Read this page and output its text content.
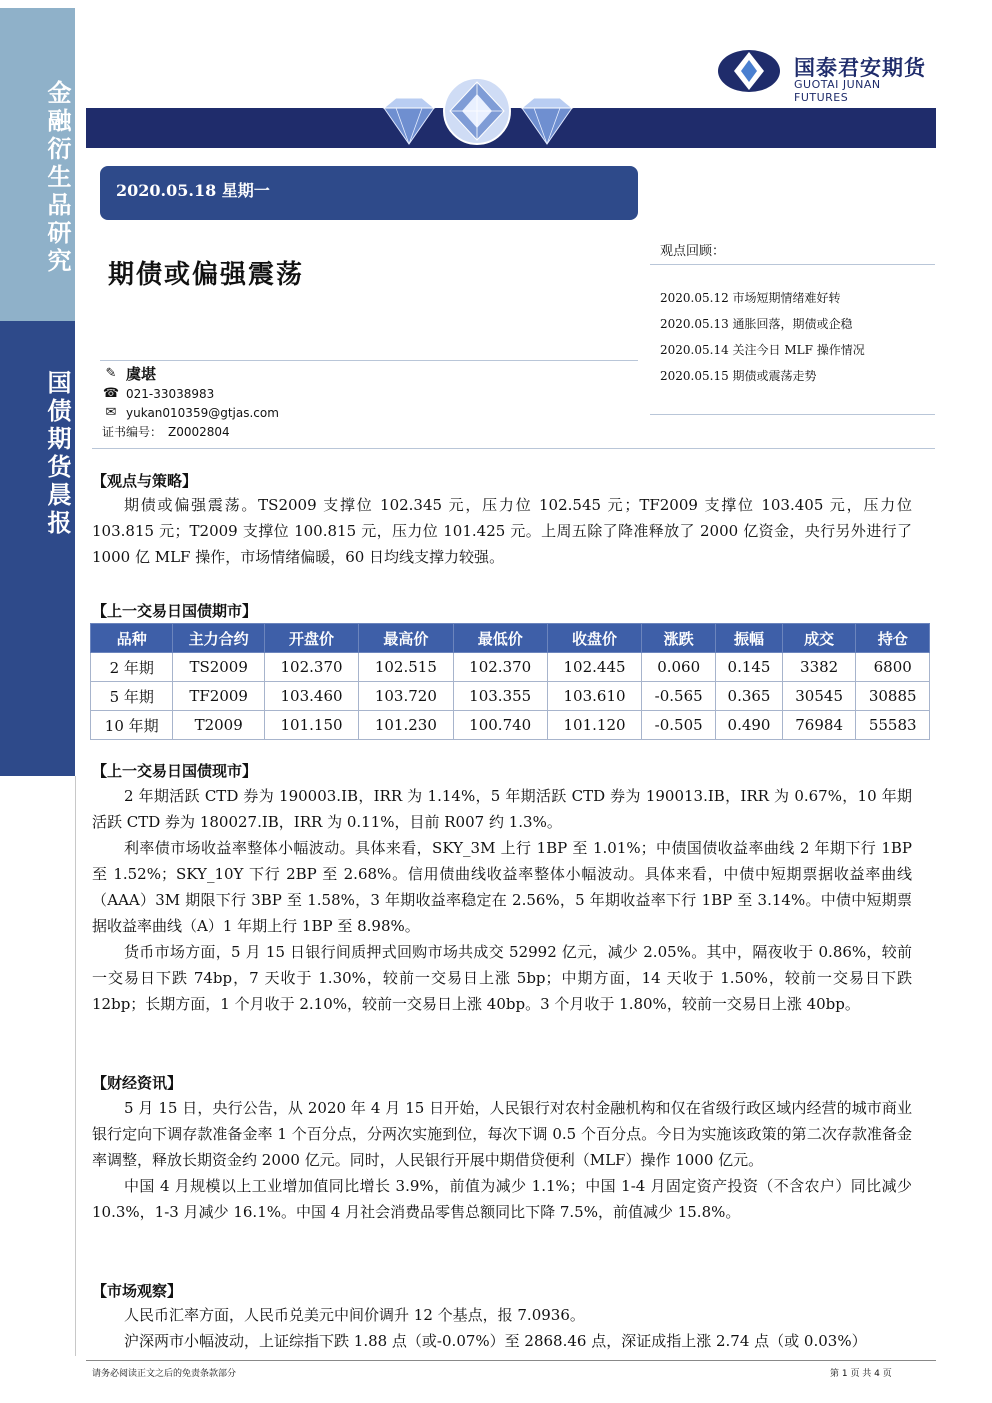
金融衍生品研究
国债期货晨报
国泰君安期货
GUOTAI JUNAN FUTURES
2020.05.18 星期一
期债或偏强震荡
✎ 虞堪
☎ 021-33038983
✉ yukan010359@gtjas.com
证书编号： Z0002804
观点回顾：
2020.05.12 市场短期情绪难好转
2020.05.13 通胀回落，期债或企稳
2020.05.14 关注今日 MLF 操作情况
2020.05.15 期债或震荡走势
【观点与策略】

期债或偏强震荡。TS2009 支撑位 102.345 元，压力位 102.545 元；TF2009 支撑位 103.405 元，压力位 103.815 元；T2009 支撑位 100.815 元，压力位 101.425 元。上周五除了降准释放了 2000 亿资金，央行另外进行了 1000 亿 MLF 操作，市场情绪偏暖，60 日均线支撑力较强。

【上一交易日国债期市】
品种	主力合约	开盘价	最高价	最低价	收盘价	涨跌	振幅	成交	持仓
2 年期	TS2009	102.370	102.515	102.370	102.445	0.060	0.145	3382	6800
5 年期	TF2009	103.460	103.720	103.355	103.610	-0.565	0.365	30545	30885
10 年期	T2009	101.150	101.230	100.740	101.120	-0.505	0.490	76984	55583
【上一交易日国债现市】

2 年期活跃 CTD 券为 190003.IB，IRR 为 1.14%，5 年期活跃 CTD 券为 190013.IB，IRR 为 0.67%，10 年期活跃 CTD 券为 180027.IB，IRR 为 0.11%，目前 R007 约 1.3%。

利率债市场收益率整体小幅波动。具体来看，SKY_3M 上行 1BP 至 1.01%；中债国债收益率曲线 2 年期下行 1BP 至 1.52%；SKY_10Y 下行 2BP 至 2.68%。信用债曲线收益率整体小幅波动。具体来看，中债中短期票据收益率曲线（AAA）3M 期限下行 3BP 至 1.58%，3 年期收益率稳定在 2.56%，5 年期收益率下行 1BP 至 3.14%。中债中短期票据收益率曲线（A）1 年期上行 1BP 至 8.98%。

货币市场方面，5 月 15 日银行间质押式回购市场共成交 52992 亿元，减少 2.05%。其中，隔夜收于 0.86%，较前一交易日下跌 74bp，7 天收于 1.30%，较前一交易日上涨 5bp；中期方面，14 天收于 1.50%，较前一交易日下跌 12bp；长期方面，1 个月收于 2.10%，较前一交易日上涨 40bp。3 个月收于 1.80%，较前一交易日上涨 40bp。

【财经资讯】

5 月 15 日，央行公告，从 2020 年 4 月 15 日开始，人民银行对农村金融机构和仅在省级行政区域内经营的城市商业银行定向下调存款准备金率 1 个百分点，分两次实施到位，每次下调 0.5 个百分点。今日为实施该政策的第二次存款准备金率调整，释放长期资金约 2000 亿元。同时，人民银行开展中期借贷便利（MLF）操作 1000 亿元。

中国 4 月规模以上工业增加值同比增长 3.9%，前值为减少 1.1%；中国 1-4 月固定资产投资（不含农户）同比减少 10.3%，1-3 月减少 16.1%。中国 4 月社会消费品零售总额同比下降 7.5%，前值减少 15.8%。

【市场观察】

人民币汇率方面，人民币兑美元中间价调升 12 个基点，报 7.0936。

沪深两市小幅波动，上证综指下跌 1.88 点（或-0.07%）至 2868.46 点，深证成指上涨 2.74 点（或 0.03%）

请务必阅读正文之后的免责条款部分	第 1 页 共 4 页
